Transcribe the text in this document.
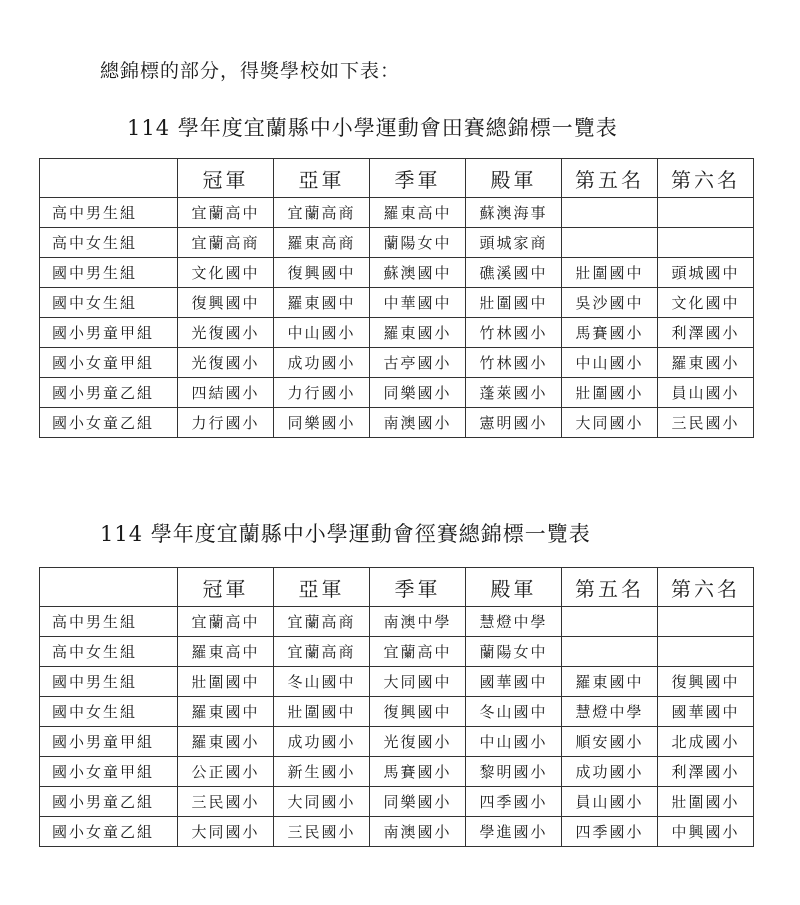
總錦標的部分，得獎學校如下表：
114 學年度宜蘭縣中小學運動會田賽總錦標一覽表
	冠軍	亞軍	季軍	殿軍	第五名	第六名
高中男生組	宜蘭高中	宜蘭高商	羅東高中	蘇澳海事		
高中女生組	宜蘭高商	羅東高商	蘭陽女中	頭城家商		
國中男生組	文化國中	復興國中	蘇澳國中	礁溪國中	壯圍國中	頭城國中
國中女生組	復興國中	羅東國中	中華國中	壯圍國中	吳沙國中	文化國中
國小男童甲組	光復國小	中山國小	羅東國小	竹林國小	馬賽國小	利澤國小
國小女童甲組	光復國小	成功國小	古亭國小	竹林國小	中山國小	羅東國小
國小男童乙組	四結國小	力行國小	同樂國小	蓬萊國小	壯圍國小	員山國小
國小女童乙組	力行國小	同樂國小	南澳國小	憲明國小	大同國小	三民國小
114 學年度宜蘭縣中小學運動會徑賽總錦標一覽表
	冠軍	亞軍	季軍	殿軍	第五名	第六名
高中男生組	宜蘭高中	宜蘭高商	南澳中學	慧燈中學		
高中女生組	羅東高中	宜蘭高商	宜蘭高中	蘭陽女中		
國中男生組	壯圍國中	冬山國中	大同國中	國華國中	羅東國中	復興國中
國中女生組	羅東國中	壯圍國中	復興國中	冬山國中	慧燈中學	國華國中
國小男童甲組	羅東國小	成功國小	光復國小	中山國小	順安國小	北成國小
國小女童甲組	公正國小	新生國小	馬賽國小	黎明國小	成功國小	利澤國小
國小男童乙組	三民國小	大同國小	同樂國小	四季國小	員山國小	壯圍國小
國小女童乙組	大同國小	三民國小	南澳國小	學進國小	四季國小	中興國小
